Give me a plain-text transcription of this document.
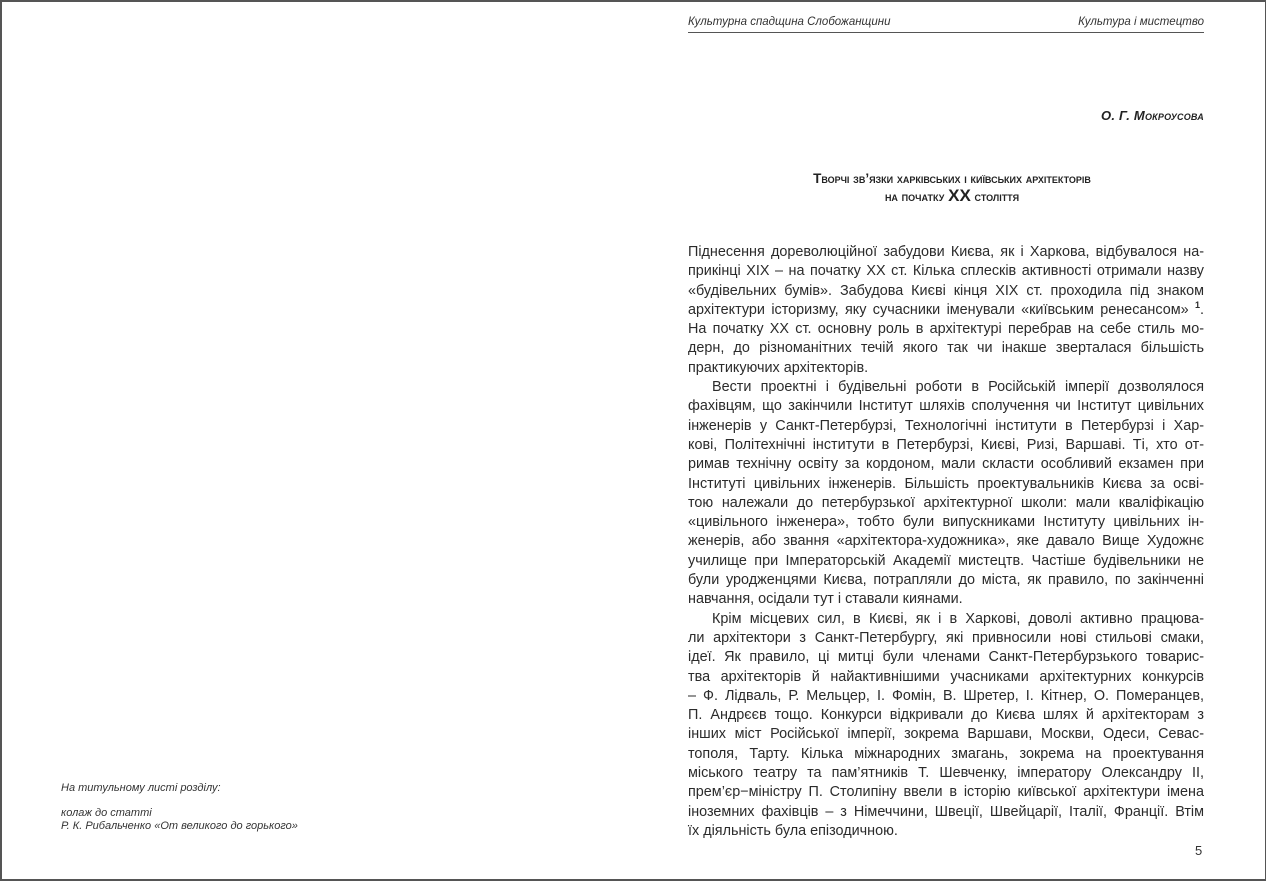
Культурна спадщина Слобожанщини	Культура і мистецтво
О. Г. Мокроусова
Творчі зв’язки харківських і київських архітекторів
на початку XX століття
Піднесення дореволюційної забудови Києва, як і Харкова, відбувалося на-
прикінці XIX – на початку XX ст. Кілька сплесків активності отримали назву
«будівельних бумів». Забудова Києві кінця XIX ст. проходила під знаком
архітектури історизму, яку сучасники іменували «київським ренесансом» $^1$.
На початку XX ст. основну роль в архітектурі перебрав на себе стиль мо-
дерн, до різноманітних течій якого так чи інакше зверталася більшість
практикуючих архітекторів.
Вести проектні і будівельні роботи в Російській імперії дозволялося
фахівцям, що закінчили Інститут шляхів сполучення чи Інститут цивільних
інженерів у Санкт-Петербурзі, Технологічні інститути в Петербурзі і Хар-
кові, Політехнічні інститути в Петербурзі, Києві, Ризі, Варшаві. Ті, хто от-
римав технічну освіту за кордоном, мали скласти особливий екзамен при
Інституті цивільних інженерів. Більшість проектувальників Києва за осві-
тою належали до петербурзької архітектурної школи: мали кваліфікацію
«цивільного інженера», тобто були випускниками Інституту цивільних ін-
женерів, або звання «архітектора-художника», яке давало Вище Художнє
училище при Імператорській Академії мистецтв. Частіше будівельники не
були уродженцями Києва, потрапляли до міста, як правило, по закінченні
навчання, осідали тут і ставали киянами.
Крім місцевих сил, в Києві, як і в Харкові, доволі активно працюва-
ли архітектори з Санкт-Петербургу, які привносили нові стильові смаки,
ідеї. Як правило, ці митці були членами Санкт-Петербурзького товарис-
тва архітекторів й найактивнішими учасниками архітектурних конкурсів
– Ф. Лідваль, Р. Мельцер, І. Фомін, В. Шретер, І. Кітнер, О. Померанцев,
П. Андрєєв тощо. Конкурси відкривали до Києва шлях й архітекторам з
інших міст Російської імперії, зокрема Варшави, Москви, Одеси, Севас-
тополя, Тарту. Кілька міжнародних змагань, зокрема на проектування
міського театру та пам’ятників Т. Шевченку, імператору Олександру II,
прем’єр−міністру П. Столипіну ввели в історію київської архітектури імена
іноземних фахівців – з Німеччини, Швеції, Швейцарії, Італії, Франції. Втім
їх діяльність була епізодичною.
5
На титульному листі розділу:
колаж до статті
Р. К. Рибальченко «От великого до горького»
